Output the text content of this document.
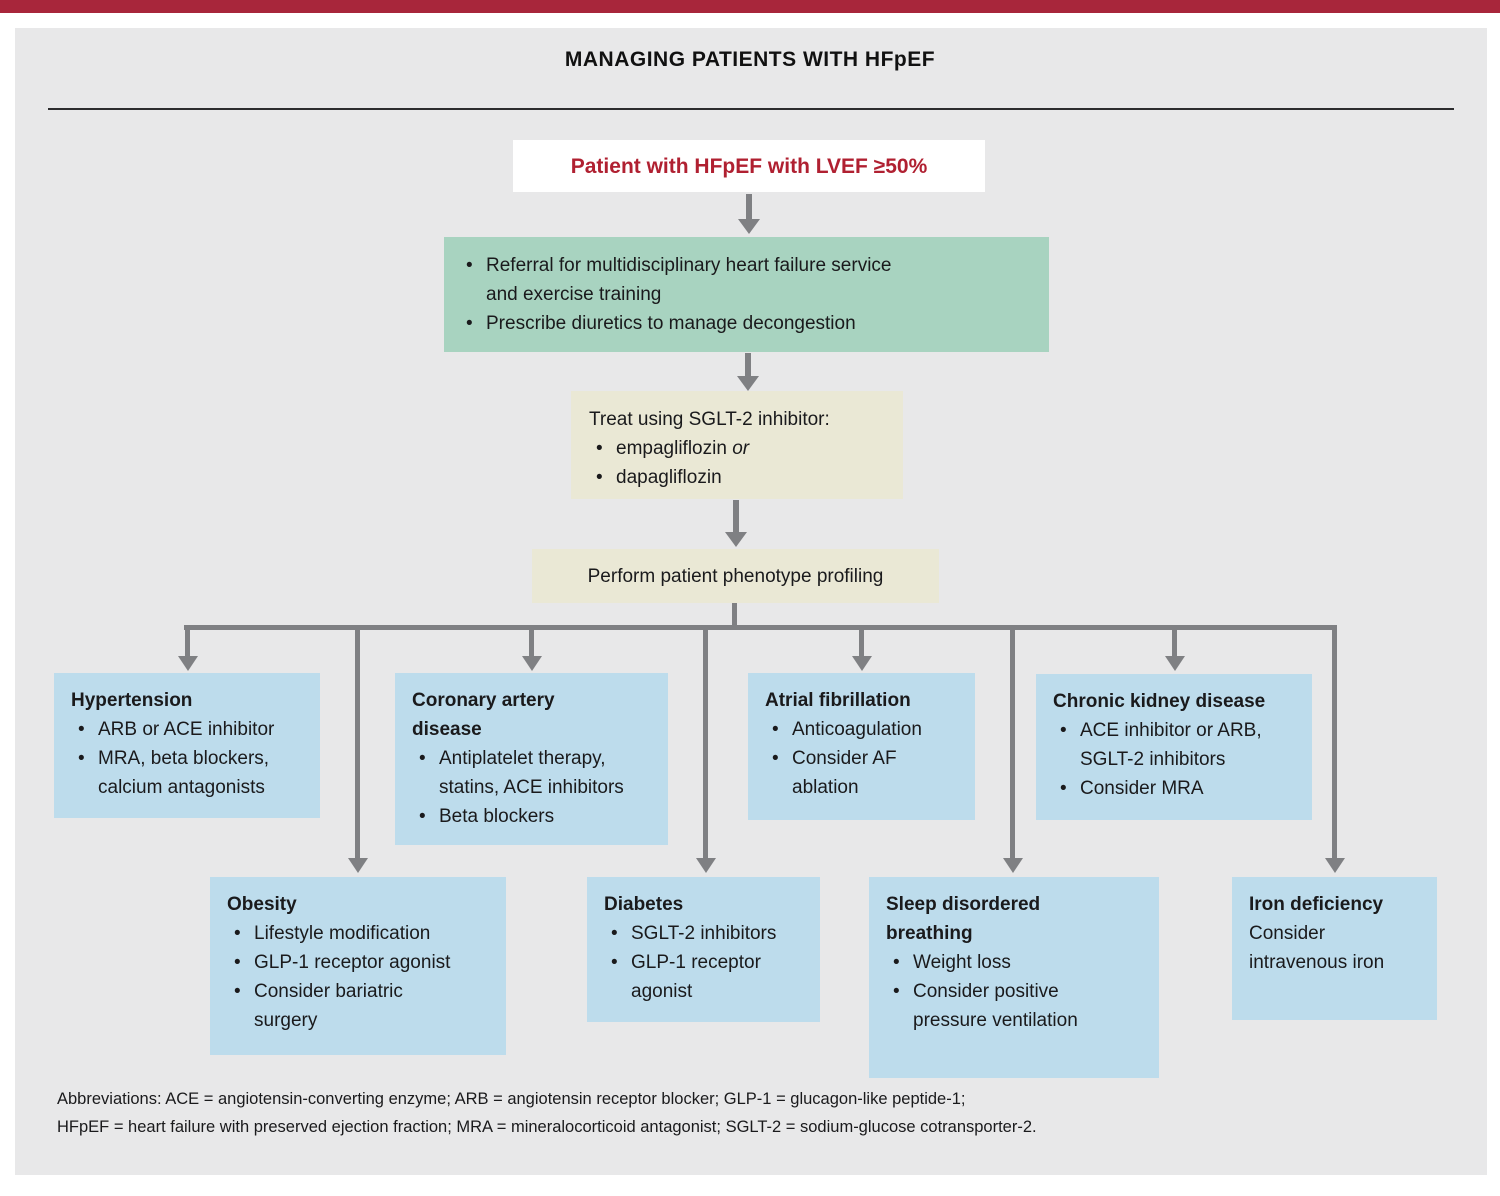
MANAGING PATIENTS WITH HFpEF
Patient with HFpEF with LVEF ≥50%
• Referral for multidisciplinary heart failure service
and exercise training
• Prescribe diuretics to manage decongestion
Treat using SGLT-2 inhibitor:
• empagliflozin or
• dapagliflozin
Perform patient phenotype profiling
Hypertension
• ARB or ACE inhibitor
• MRA, beta blockers,
calcium antagonists
Coronary artery
disease
• Antiplatelet therapy,
statins, ACE inhibitors
• Beta blockers
Atrial fibrillation
• Anticoagulation
• Consider AF
ablation
Chronic kidney disease
• ACE inhibitor or ARB,
SGLT-2 inhibitors
• Consider MRA
Obesity
• Lifestyle modification
• GLP-1 receptor agonist
• Consider bariatric
surgery
Diabetes
• SGLT-2 inhibitors
• GLP-1 receptor
agonist
Sleep disordered
breathing
• Weight loss
• Consider positive
pressure ventilation
Iron deficiency
Consider
intravenous iron
Abbreviations: ACE = angiotensin-converting enzyme; ARB = angiotensin receptor blocker; GLP-1 = glucagon-like peptide-1;
HFpEF = heart failure with preserved ejection fraction; MRA = mineralocorticoid antagonist; SGLT-2 = sodium-glucose cotransporter-2.
